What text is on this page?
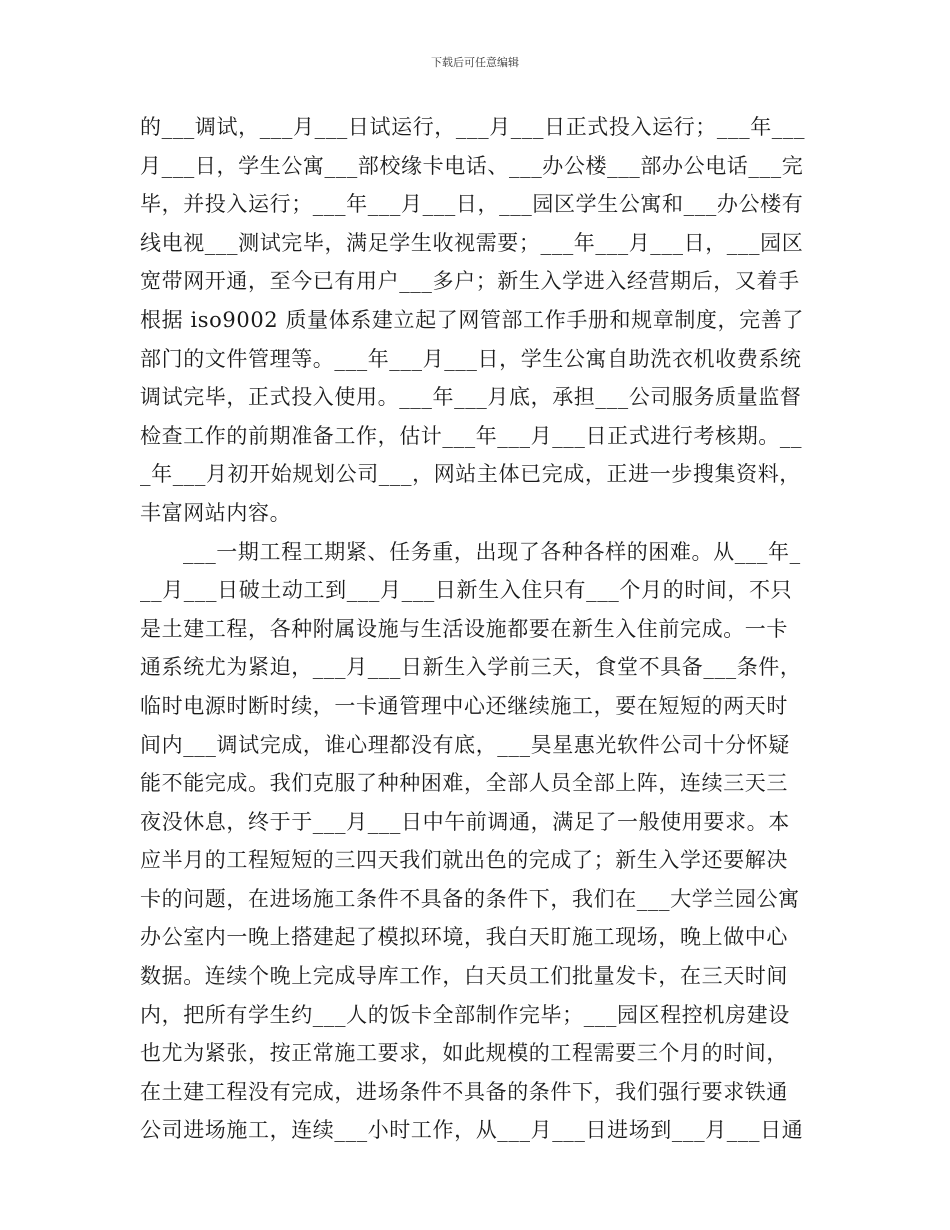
下载后可任意编辑
的___调试，___月___日试运行，___月___日正式投入运行；___年___
月___日，学生公寓___部校缘卡电话、___办公楼___部办公电话___完
毕，并投入运行；___年___月___日，___园区学生公寓和___办公楼有
线电视___测试完毕，满足学生收视需要；___年___月___日，___园区
宽带网开通，至今已有用户___多户；新生入学进入经营期后，又着手
根据 iso9002 质量体系建立起了网管部工作手册和规章制度，完善了
部门的文件管理等。___年___月___日，学生公寓自助洗衣机收费系统
调试完毕，正式投入使用。___年___月底，承担___公司服务质量监督
检查工作的前期准备工作，估计___年___月___日正式进行考核期。__
_年___月初开始规划公司___，网站主体已完成，正进一步搜集资料，
丰富网站内容。
___一期工程工期紧、任务重，出现了各种各样的困难。从___年_
__月___日破土动工到___月___日新生入住只有___个月的时间，不只
是土建工程，各种附属设施与生活设施都要在新生入住前完成。一卡
通系统尤为紧迫，___月___日新生入学前三天，食堂不具备___条件，
临时电源时断时续，一卡通管理中心还继续施工，要在短短的两天时
间内___调试完成，谁心理都没有底，___昊星惠光软件公司十分怀疑
能不能完成。我们克服了种种困难，全部人员全部上阵，连续三天三
夜没休息，终于于___月___日中午前调通，满足了一般使用要求。本
应半月的工程短短的三四天我们就出色的完成了；新生入学还要解决
卡的问题，在进场施工条件不具备的条件下，我们在___大学兰园公寓
办公室内一晚上搭建起了模拟环境，我白天盯施工现场，晚上做中心
数据。连续个晚上完成导库工作，白天员工们批量发卡，在三天时间
内，把所有学生约___人的饭卡全部制作完毕；___园区程控机房建设
也尤为紧张，按正常施工要求，如此规模的工程需要三个月的时间，
在土建工程没有完成，进场条件不具备的条件下，我们强行要求铁通
公司进场施工，连续___小时工作，从___月___日进场到___月___日通
